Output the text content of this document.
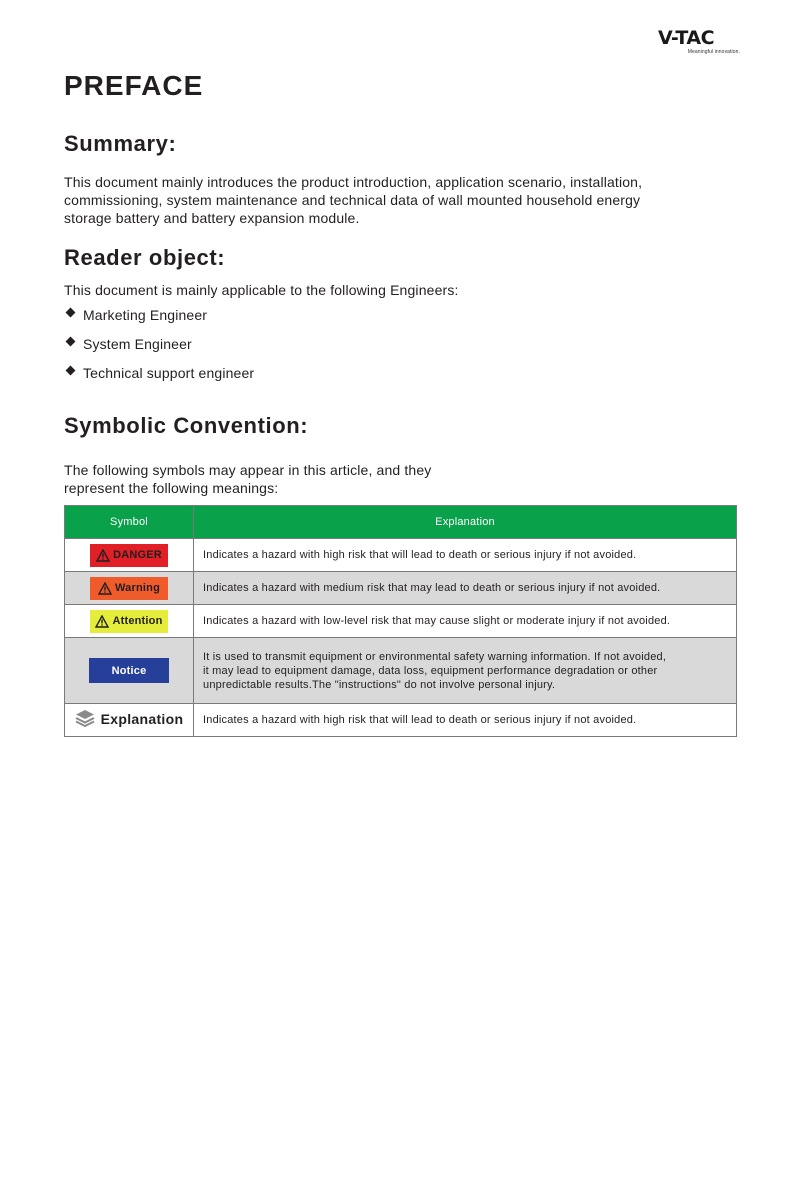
V-TAC
Meaningful innovation.
PREFACE
Summary:
This document mainly introduces the product introduction, application scenario, installation,
commissioning, system maintenance and technical data of wall mounted household energy
storage battery and battery expansion module.
Reader object:
This document is mainly applicable to the following Engineers:
Marketing Engineer
System Engineer
Technical support engineer
Symbolic Convention:
The following symbols may appear in this article, and they
represent the following meanings:
Symbol	Explanation

DANGER	Indicates a hazard with high risk that will lead to death or serious injury if not avoided.

Warning	Indicates a hazard with medium risk that may lead to death or serious injury if not avoided.

Attention	Indicates a hazard with low-level risk that may cause slight or moderate injury if not avoided.

Notice	It is used to transmit equipment or environmental safety warning information. If not avoided,
it may lead to equipment damage, data loss, equipment performance degradation or other
unpredictable results.The "instructions" do not involve personal injury.

Explanation	Indicates a hazard with high risk that will lead to death or serious injury if not avoided.
